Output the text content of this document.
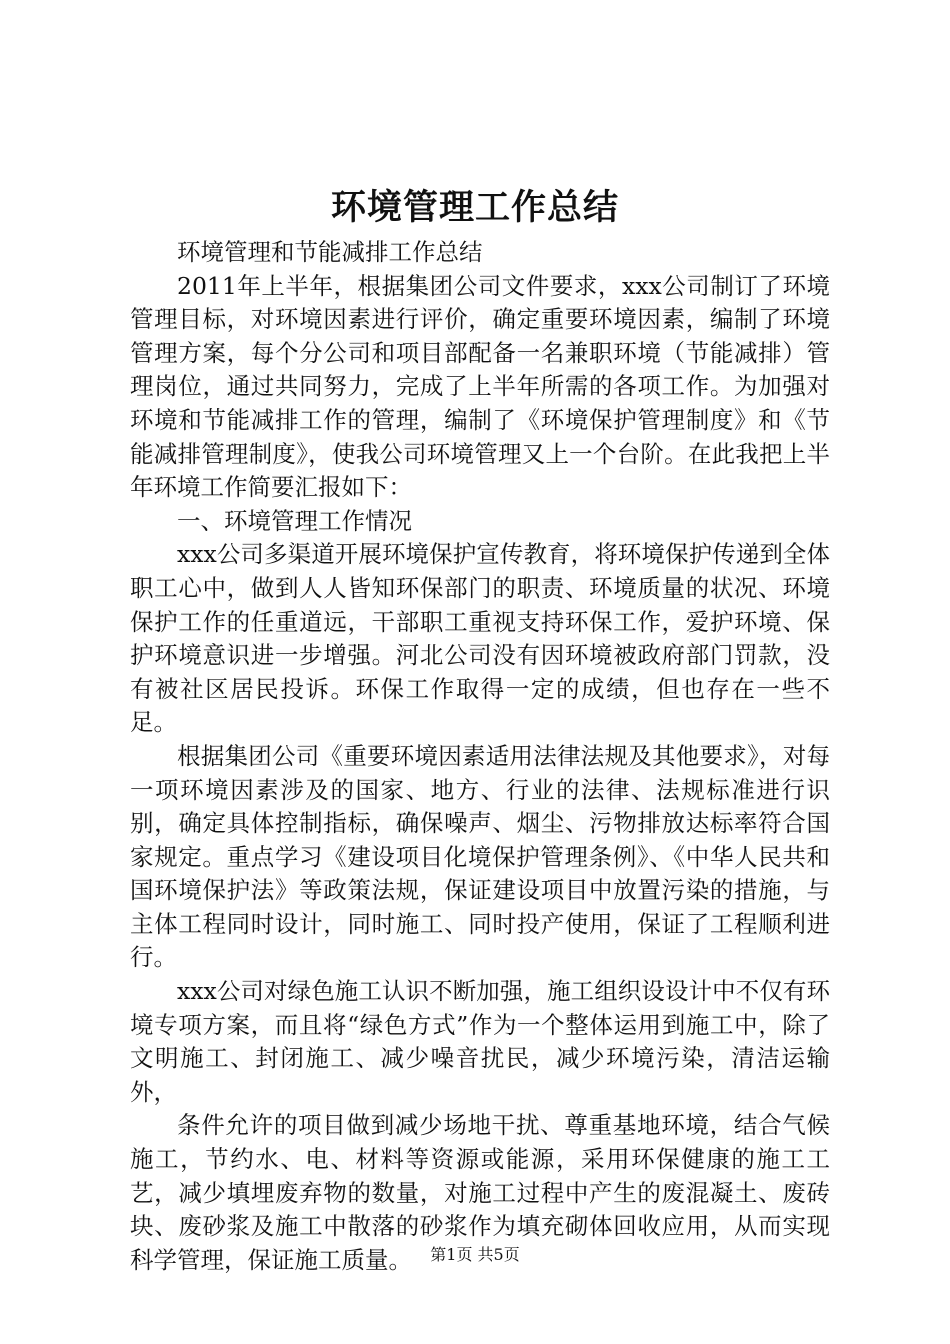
环境管理工作总结

环境管理和节能减排工作总结

2011年上半年，根据集团公司文件要求，xxx公司制订了环境管理目标，对环境因素进行评价，确定重要环境因素，编制了环境管理方案，每个分公司和项目部配备一名兼职环境（节能减排）管理岗位，通过共同努力，完成了上半年所需的各项工作。为加强对环境和节能减排工作的管理，编制了《环境保护管理制度》和《节能减排管理制度》，使我公司环境管理又上一个台阶。在此我把上半年环境工作简要汇报如下：

一、环境管理工作情况

xxx公司多渠道开展环境保护宣传教育，将环境保护传递到全体职工心中，做到人人皆知环保部门的职责、环境质量的状况、环境保护工作的任重道远，干部职工重视支持环保工作，爱护环境、保护环境意识进一步增强。河北公司没有因环境被政府部门罚款，没有被社区居民投诉。环保工作取得一定的成绩，但也存在一些不足。

根据集团公司《重要环境因素适用法律法规及其他要求》，对每一项环境因素涉及的国家、地方、行业的法律、法规标准进行识别，确定具体控制指标，确保噪声、烟尘、污物排放达标率符合国家规定。重点学习《建设项目化境保护管理条例》、《中华人民共和国环境保护法》等政策法规，保证建设项目中放置污染的措施，与主体工程同时设计，同时施工、同时投产使用，保证了工程顺利进行。

xxx公司对绿色施工认识不断加强，施工组织设设计中不仅有环境专项方案，而且将“绿色方式”作为一个整体运用到施工中，除了文明施工、封闭施工、减少噪音扰民，减少环境污染，清洁运输外，

条件允许的项目做到减少场地干扰、尊重基地环境，结合气候施工，节约水、电、材料等资源或能源，采用环保健康的施工工艺，减少填埋废弃物的数量，对施工过程中产生的废混凝土、废砖块、废砂浆及施工中散落的砂浆作为填充砌体回收应用，从而实现科学管理，保证施工质量。	第1页 共5页
